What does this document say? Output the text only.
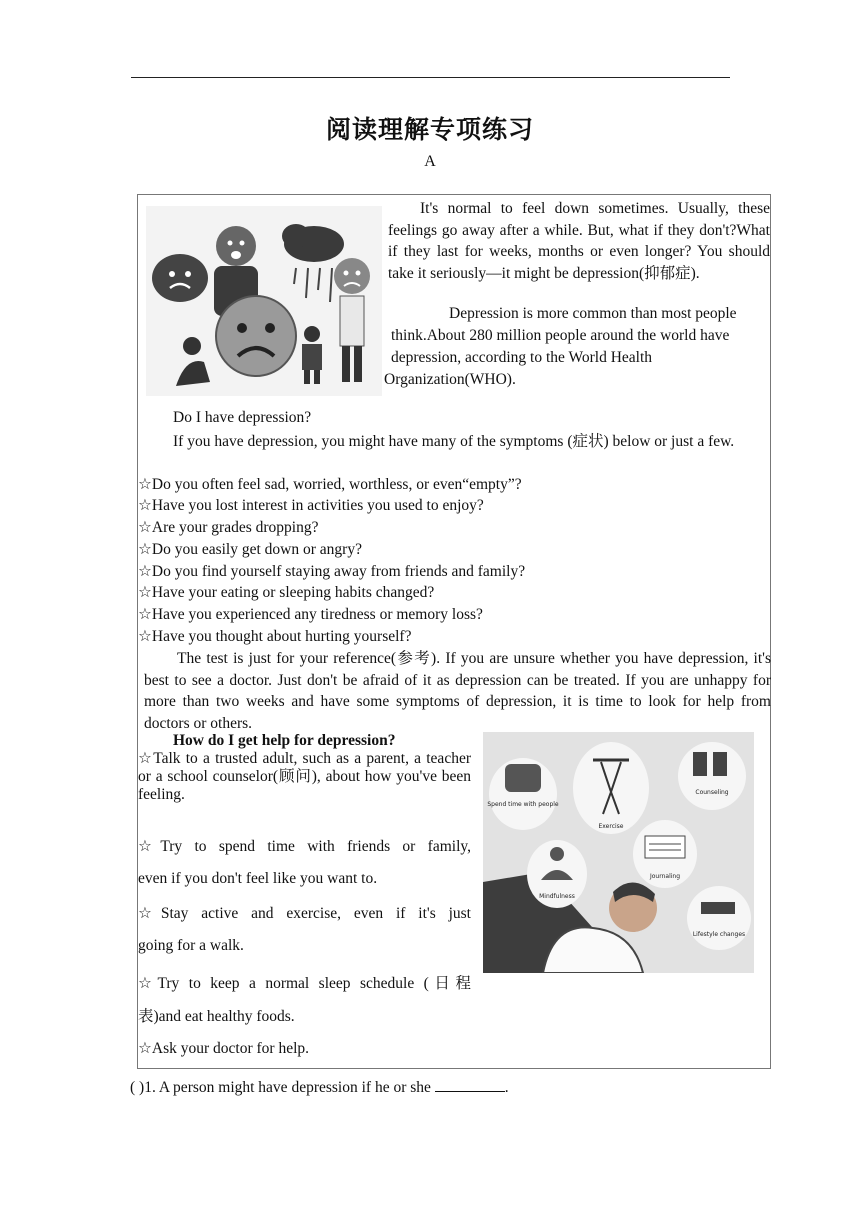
阅读理解专项练习
A
It's normal to feel down sometimes. Usually, these feelings go away after a while. But, what if they don't?What if they last for weeks, months or even longer? You should take it seriously—it might be depression(抑郁症).
Depression is more common than most people
think.About 280 million people around the world have
depression, according to the World Health
Organization(WHO).
Do I have depression?
If you have depression, you might have many of the symptoms (症状) below or just a few.
☆Do you often feel sad, worried, worthless, or even“empty”?
☆Have you lost interest in activities you used to enjoy?
☆Are your grades dropping?
☆Do you easily get down or angry?
☆Do you find yourself staying away from friends and family?
☆Have your eating or sleeping habits changed?
☆Have you experienced any tiredness or memory loss?
☆Have you thought about hurting yourself?
The test is just for your reference(参考). If you are unsure whether you have depression, it's best to see a doctor. Just don't be afraid of it as depression can be treated. If you are unhappy for more than two weeks and have some symptoms of depression, it is time to look for help from doctors or others.
How do I get help for depression?
☆Talk to a trusted adult, such as a parent, a teacher or a school counselor(顾问), about how you've been feeling.
☆Try to spend time with friends or family,
even if you don't feel like you want to.
☆Stay active and exercise, even if it's just
going for a walk.
☆Try to keep a normal sleep schedule (日程
表)and eat healthy foods.
☆Ask your doctor for help.
Spend time with people
Exercise
Counseling
Mindfulness
Journaling
Lifestyle changes
( )1. A person might have depression if he or she	.
